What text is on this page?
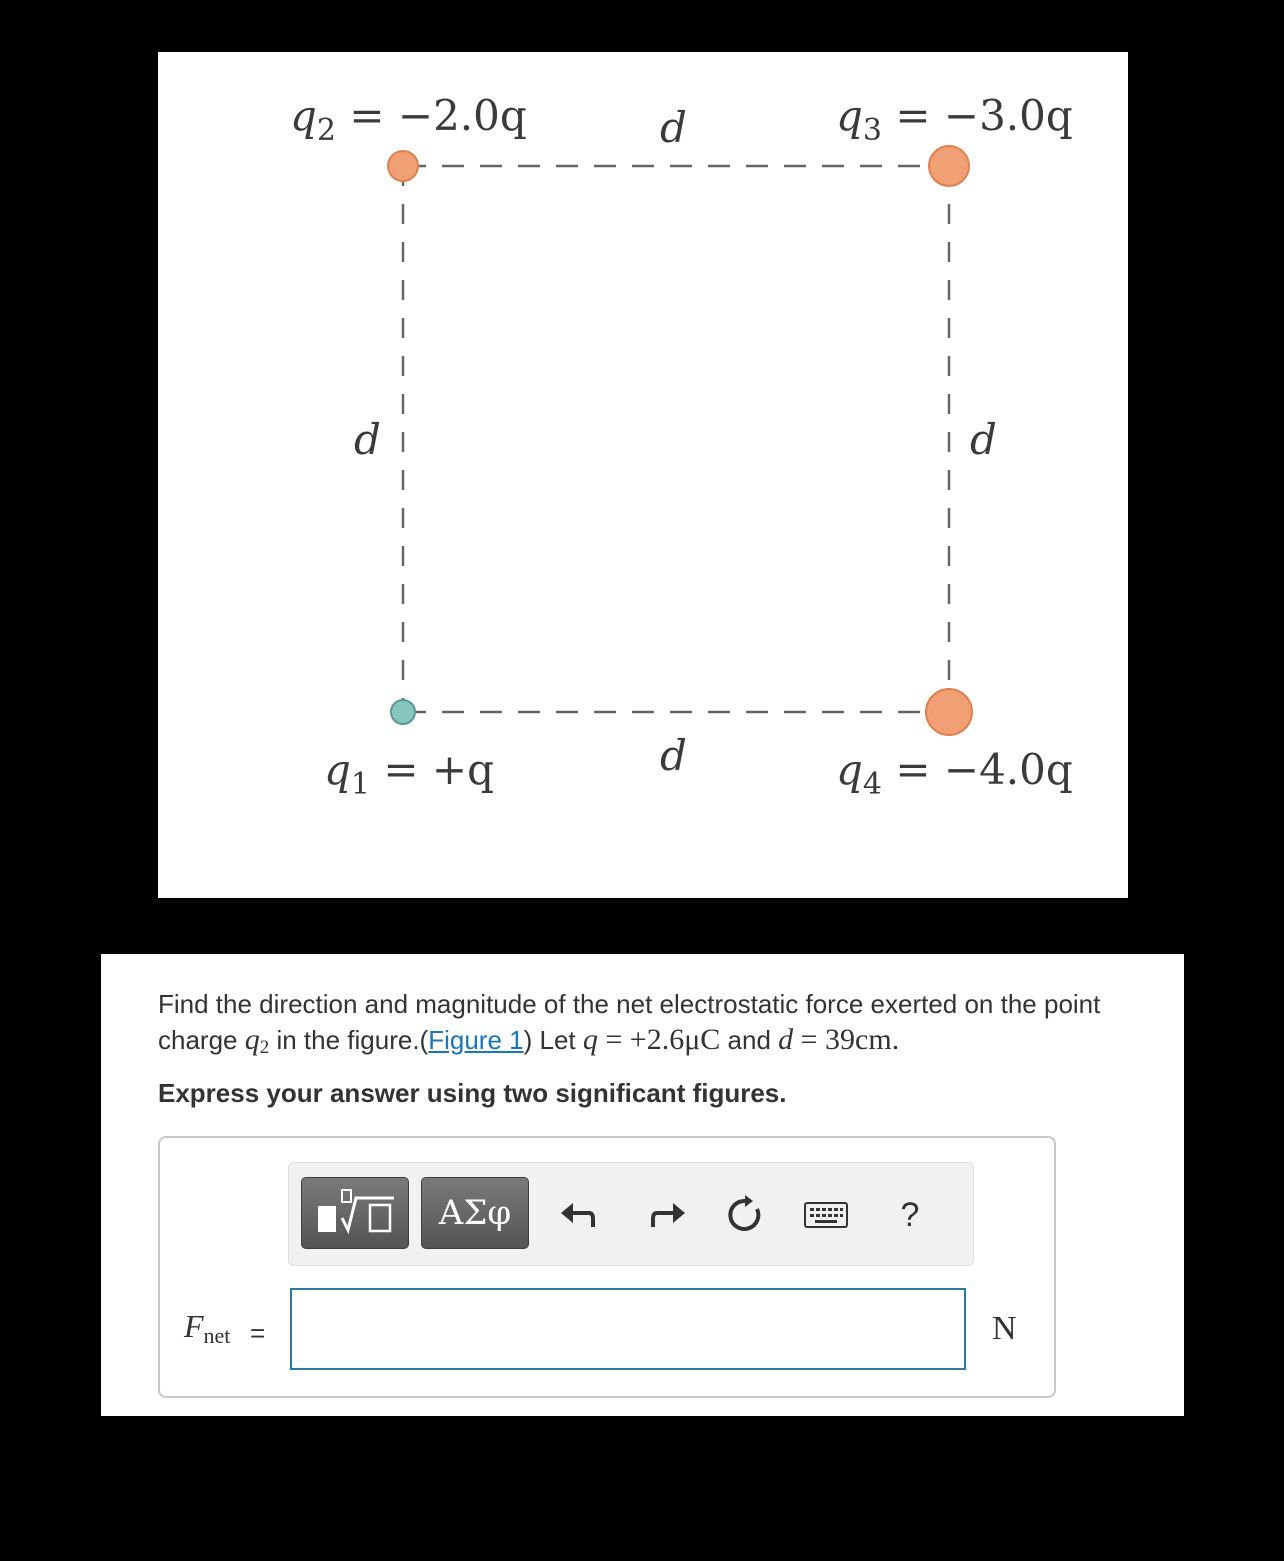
$q_2 = -2.0q$	$q_3 = -3.0q$
$q_1 = +q$	$q_4 = -4.0q$
d
d
d	d
Find the direction and magnitude of the net electrostatic force exerted on the point charge $q_2$ in the figure.(Figure 1) Let q = +2.6μC and d = 39cm.
Express your answer using two significant figures.
ΑΣφ	?
$F_{net}$ =	N
